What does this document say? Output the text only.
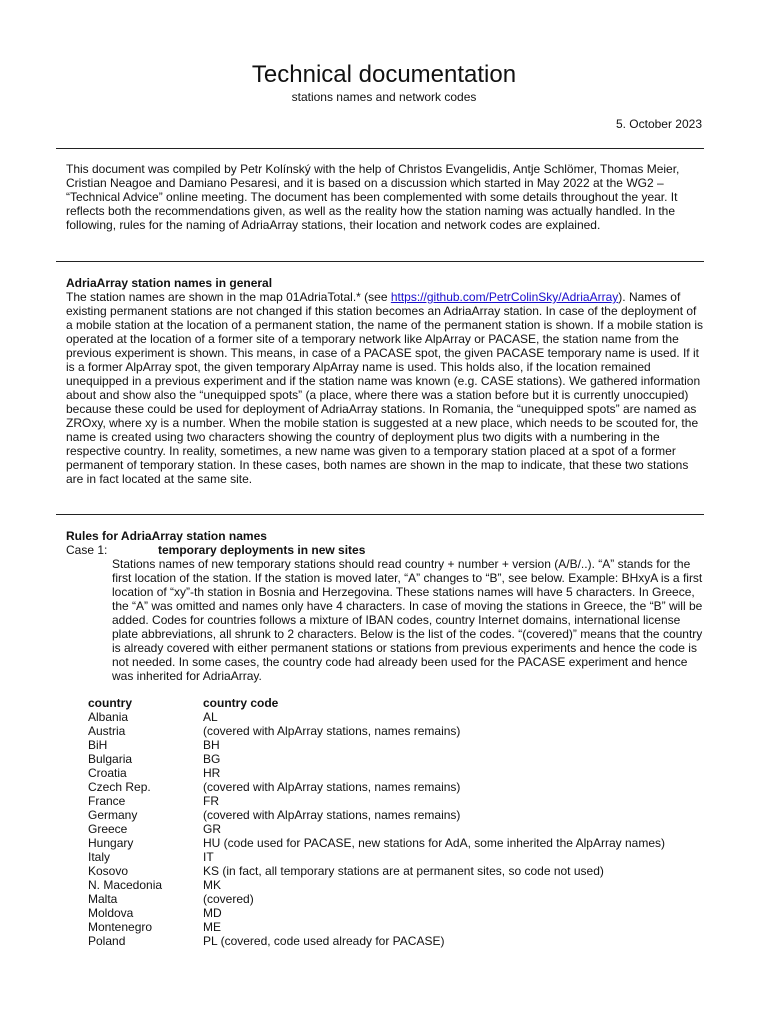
Technical documentation
stations names and network codes
5. October 2023

This document was compiled by Petr Kolínský with the help of Christos Evangelidis, Antje Schlömer, Thomas Meier, Cristian Neagoe and Damiano Pesaresi, and it is based on a discussion which started in May 2022 at the WG2 – “Technical Advice” online meeting. The document has been complemented with some details throughout the year. It reflects both the recommendations given, as well as the reality how the station naming was actually handled. In the following, rules for the naming of AdriaArray stations, their location and network codes are explained.

AdriaArray station names in general

The station names are shown in the map 01AdriaTotal.* (see https://github.com/PetrColinSky/AdriaArray). Names of existing permanent stations are not changed if this station becomes an AdriaArray station. In case of the deployment of a mobile station at the location of a permanent station, the name of the permanent station is shown. If a mobile station is operated at the location of a former site of a temporary network like AlpArray or PACASE, the station name from the previous experiment is shown. This means, in case of a PACASE spot, the given PACASE temporary name is used. If it is a former AlpArray spot, the given temporary AlpArray name is used. This holds also, if the location remained unequipped in a previous experiment and if the station name was known (e.g. CASE stations). We gathered information about and show also the “unequipped spots” (a place, where there was a station before but it is currently unoccupied) because these could be used for deployment of AdriaArray stations. In Romania, the “unequipped spots” are named as ZROxy, where xy is a number. When the mobile station is suggested at a new place, which needs to be scouted for, the name is created using two characters showing the country of deployment plus two digits with a numbering in the respective country. In reality, sometimes, a new name was given to a temporary station placed at a spot of a former permanent of temporary station. In these cases, both names are shown in the map to indicate, that these two stations are in fact located at the same site.

Rules for AdriaArray station names
Case 1:	temporary deployments in new sites

Stations names of new temporary stations should read country + number + version (A/B/..). “A” stands for the first location of the station. If the station is moved later, “A” changes to “B”, see below. Example: BHxyA is a first location of “xy”-th station in Bosnia and Herzegovina. These stations names will have 5 characters. In Greece, the “A” was omitted and names only have 4 characters. In case of moving the stations in Greece, the “B” will be added. Codes for countries follows a mixture of IBAN codes, country Internet domains, international license plate abbreviations, all shrunk to 2 characters. Below is the list of the codes. “(covered)” means that the country is already covered with either permanent stations or stations from previous experiments and hence the code is not needed. In some cases, the country code had already been used for the PACASE experiment and hence was inherited for AdriaArray.

country	country code
Albania	AL
Austria	(covered with AlpArray stations, names remains)
BiH	BH
Bulgaria	BG
Croatia	HR
Czech Rep.	(covered with AlpArray stations, names remains)
France	FR
Germany	(covered with AlpArray stations, names remains)
Greece	GR
Hungary	HU (code used for PACASE, new stations for AdA, some inherited the AlpArray names)
Italy	IT
Kosovo	KS (in fact, all temporary stations are at permanent sites, so code not used)
N. Macedonia	MK
Malta	(covered)
Moldova	MD
Montenegro	ME
Poland	PL (covered, code used already for PACASE)
